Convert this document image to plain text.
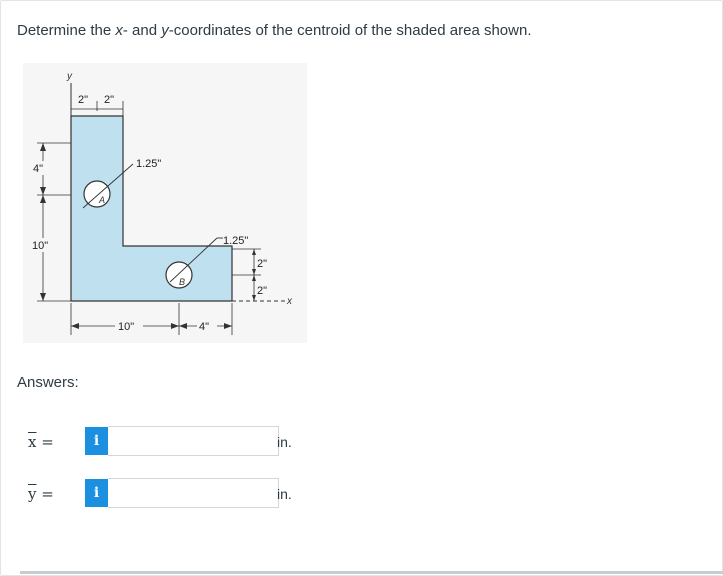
Determine the x- and y-coordinates of the centroid of the shaded area shown.
y
x
2" 2"
4"
10"
A
1.25"
B
1.25"
2"
2"
10"	4"
Answers:
$\overline{x}$ =	i	in.
$\overline{y}$ =	i	in.
